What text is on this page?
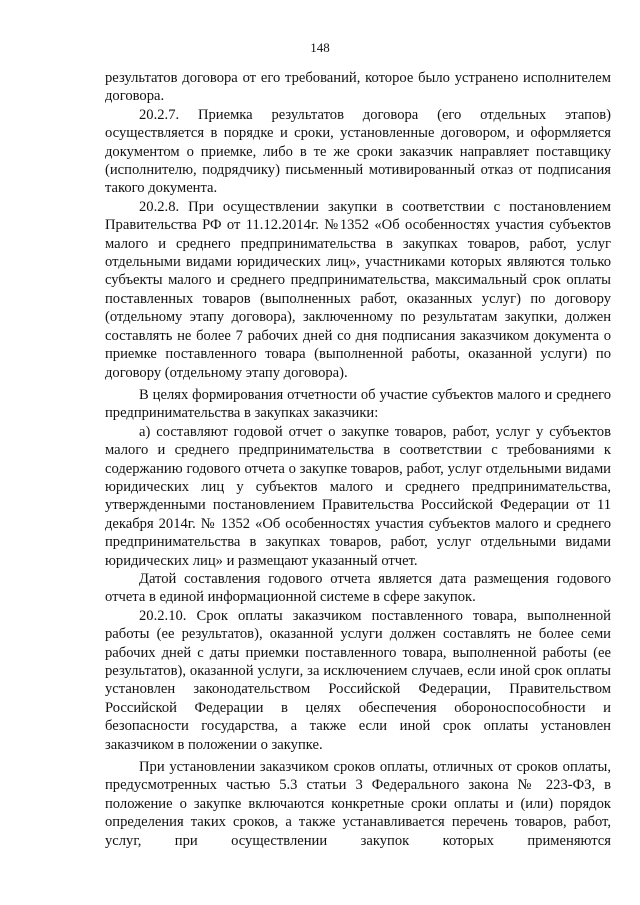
148

результатов договора от его требований, которое было устранено исполнителем договора.

20.2.7. Приемка результатов договора (его отдельных этапов) осуществляется в порядке и сроки, установленные договором, и оформляется документом о приемке, либо в те же сроки заказчик направляет поставщику (исполнителю, подрядчику) письменный мотивированный отказ от подписания такого документа.

20.2.8. При осуществлении закупки в соответствии с постановлением Правительства РФ от 11.12.2014г. №1352 «Об особенностях участия субъектов малого и среднего предпринимательства в закупках товаров, работ, услуг отдельными видами юридических лиц», участниками которых являются только субъекты малого и среднего предпринимательства, максимальный срок оплаты поставленных товаров (выполненных работ, оказанных услуг) по договору (отдельному этапу договора), заключенному по результатам закупки, должен составлять не более 7 рабочих дней со дня подписания заказчиком документа о приемке поставленного товара (выполненной работы, оказанной услуги) по договору (отдельному этапу договора).

В целях формирования отчетности об участие субъектов малого и среднего предпринимательства в закупках заказчики:

а) составляют годовой отчет о закупке товаров, работ, услуг у субъектов малого и среднего предпринимательства в соответствии с требованиями к содержанию годового отчета о закупке товаров, работ, услуг отдельными видами юридических лиц у субъектов малого и среднего предпринимательства, утвержденными постановлением Правительства Российской Федерации от 11 декабря 2014г. № 1352 «Об особенностях участия субъектов малого и среднего предпринимательства в закупках товаров, работ, услуг отдельными видами юридических лиц» и размещают указанный отчет.

Датой составления годового отчета является дата размещения годового отчета в единой информационной системе в сфере закупок.

20.2.10. Срок оплаты заказчиком поставленного товара, выполненной работы (ее результатов), оказанной услуги должен составлять не более семи рабочих дней с даты приемки поставленного товара, выполненной работы (ее результатов), оказанной услуги, за исключением случаев, если иной срок оплаты установлен законодательством Российской Федерации, Правительством Российской Федерации в целях обеспечения обороноспособности и безопасности государства, а также если иной срок оплаты установлен заказчиком в положении о закупке.

При установлении заказчиком сроков оплаты, отличных от сроков оплаты, предусмотренных частью 5.3 статьи 3 Федерального закона № 223-ФЗ, в положение о закупке включаются конкретные сроки оплаты и (или) порядок определения таких сроков, а также устанавливается перечень товаров, работ, услуг, при осуществлении закупок которых применяются
